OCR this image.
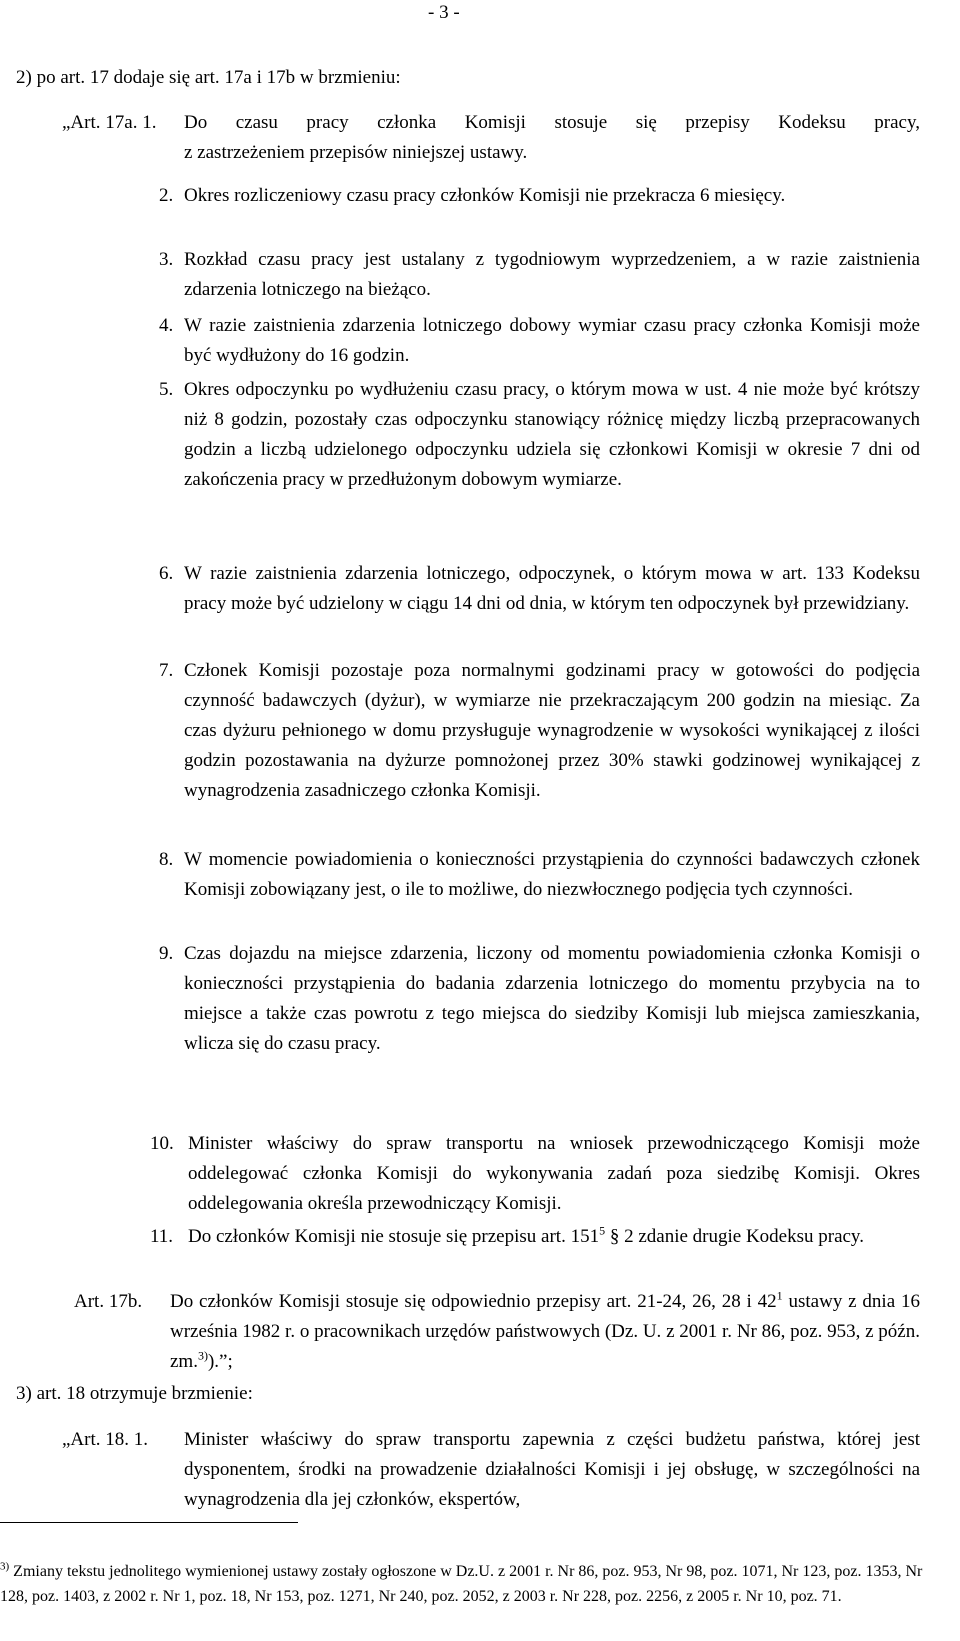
- 3 -
2) po art. 17 dodaje się art. 17a i 17b w brzmieniu:
„Art. 17a. 1. Do czasu pracy członka Komisji stosuje się przepisy Kodeksu pracy,
z zastrzeżeniem przepisów niniejszej ustawy.
2. Okres rozliczeniowy czasu pracy członków Komisji nie przekracza 6 miesięcy.
3. Rozkład czasu pracy jest ustalany z tygodniowym wyprzedzeniem, a w razie zaistnienia zdarzenia lotniczego na bieżąco.
4. W razie zaistnienia zdarzenia lotniczego dobowy wymiar czasu pracy członka Komisji może być wydłużony do 16 godzin.
5. Okres odpoczynku po wydłużeniu czasu pracy, o którym mowa w ust. 4 nie może być krótszy niż 8 godzin, pozostały czas odpoczynku stanowiący różnicę między liczbą przepracowanych godzin a liczbą udzielonego odpoczynku udziela się członkowi Komisji w okresie 7 dni od zakończenia pracy w przedłużonym dobowym wymiarze.
6. W razie zaistnienia zdarzenia lotniczego, odpoczynek, o którym mowa w art. 133 Kodeksu pracy może być udzielony w ciągu 14 dni od dnia, w którym ten odpoczynek był przewidziany.
7. Członek Komisji pozostaje poza normalnymi godzinami pracy w gotowości do podjęcia czynność badawczych (dyżur), w wymiarze nie przekraczającym 200 godzin na miesiąc. Za czas dyżuru pełnionego w domu przysługuje wynagrodzenie w wysokości wynikającej z ilości godzin pozostawania na dyżurze pomnożonej przez 30% stawki godzinowej wynikającej z wynagrodzenia zasadniczego członka Komisji.
8. W momencie powiadomienia o konieczności przystąpienia do czynności badawczych członek Komisji zobowiązany jest, o ile to możliwe, do niezwłocznego podjęcia tych czynności.
9. Czas dojazdu na miejsce zdarzenia, liczony od momentu powiadomienia członka Komisji o konieczności przystąpienia do badania zdarzenia lotniczego do momentu przybycia na to miejsce a także czas powrotu z tego miejsca do siedziby Komisji lub miejsca zamieszkania, wlicza się do czasu pracy.
10. Minister właściwy do spraw transportu na wniosek przewodniczącego Komisji może oddelegować członka Komisji do wykonywania zadań poza siedzibę Komisji. Okres oddelegowania określa przewodniczący Komisji.
11. Do członków Komisji nie stosuje się przepisu art. $151^5$ § 2 zdanie drugie Kodeksu pracy.
Art. 17b. Do członków Komisji stosuje się odpowiednio przepisy art. 21-24, 26, 28 i $42^1$ ustawy z dnia 16 września 1982 r. o pracownikach urzędów państwowych (Dz. U. z 2001 r. Nr 86, poz. 953, z późn. zm.$^{3)}$).”;
3) art. 18 otrzymuje brzmienie:
„Art. 18. 1. Minister właściwy do spraw transportu zapewnia z części budżetu państwa, której jest dysponentem, środki na prowadzenie działalności Komisji i jej obsługę, w szczególności na wynagrodzenia dla jej członków, ekspertów,
$^{3)}$ Zmiany tekstu jednolitego wymienionej ustawy zostały ogłoszone w Dz.U. z 2001 r. Nr 86, poz. 953, Nr 98, poz. 1071, Nr 123, poz. 1353, Nr 128, poz. 1403, z 2002 r. Nr 1, poz. 18, Nr 153, poz. 1271, Nr 240, poz. 2052, z 2003 r. Nr 228, poz. 2256, z 2005 r. Nr 10, poz. 71.
